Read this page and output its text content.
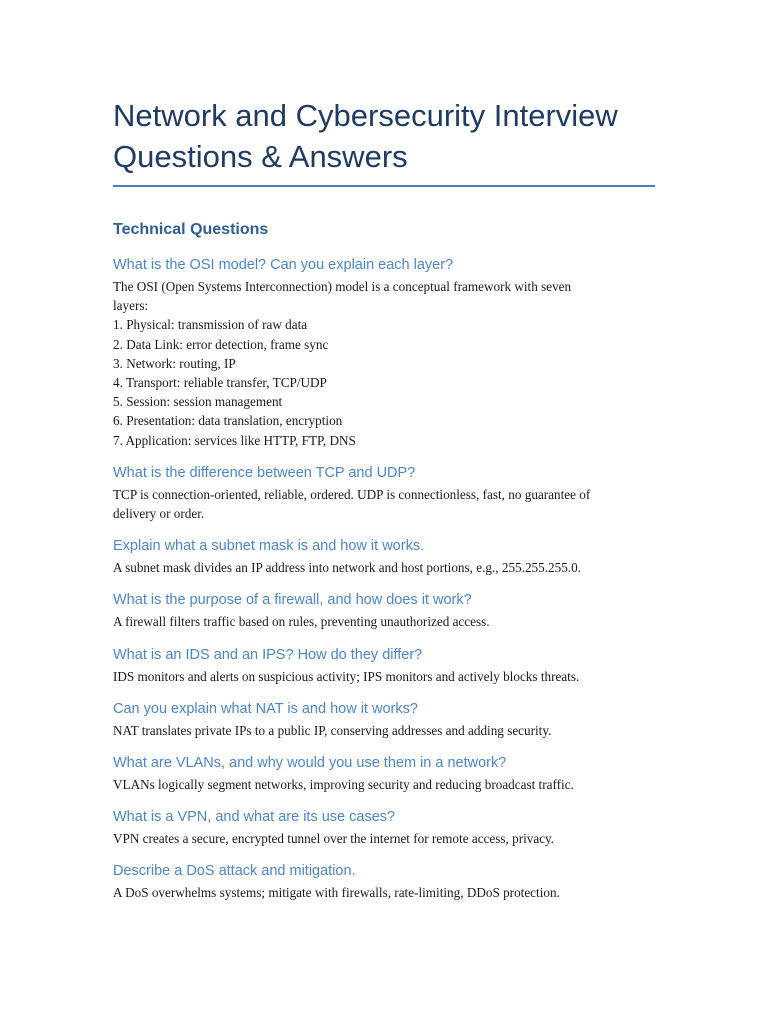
Network and Cybersecurity Interview
Questions & Answers
Technical Questions
What is the OSI model? Can you explain each layer?

The OSI (Open Systems Interconnection) model is a conceptual framework with seven
layers:
1. Physical: transmission of raw data
2. Data Link: error detection, frame sync
3. Network: routing, IP
4. Transport: reliable transfer, TCP/UDP
5. Session: session management
6. Presentation: data translation, encryption
7. Application: services like HTTP, FTP, DNS

What is the difference between TCP and UDP?

TCP is connection-oriented, reliable, ordered. UDP is connectionless, fast, no guarantee of
delivery or order.

Explain what a subnet mask is and how it works.

A subnet mask divides an IP address into network and host portions, e.g., 255.255.255.0.

What is the purpose of a firewall, and how does it work?

A firewall filters traffic based on rules, preventing unauthorized access.

What is an IDS and an IPS? How do they differ?

IDS monitors and alerts on suspicious activity; IPS monitors and actively blocks threats.

Can you explain what NAT is and how it works?

NAT translates private IPs to a public IP, conserving addresses and adding security.

What are VLANs, and why would you use them in a network?

VLANs logically segment networks, improving security and reducing broadcast traffic.

What is a VPN, and what are its use cases?

VPN creates a secure, encrypted tunnel over the internet for remote access, privacy.

Describe a DoS attack and mitigation.

A DoS overwhelms systems; mitigate with firewalls, rate-limiting, DDoS protection.
